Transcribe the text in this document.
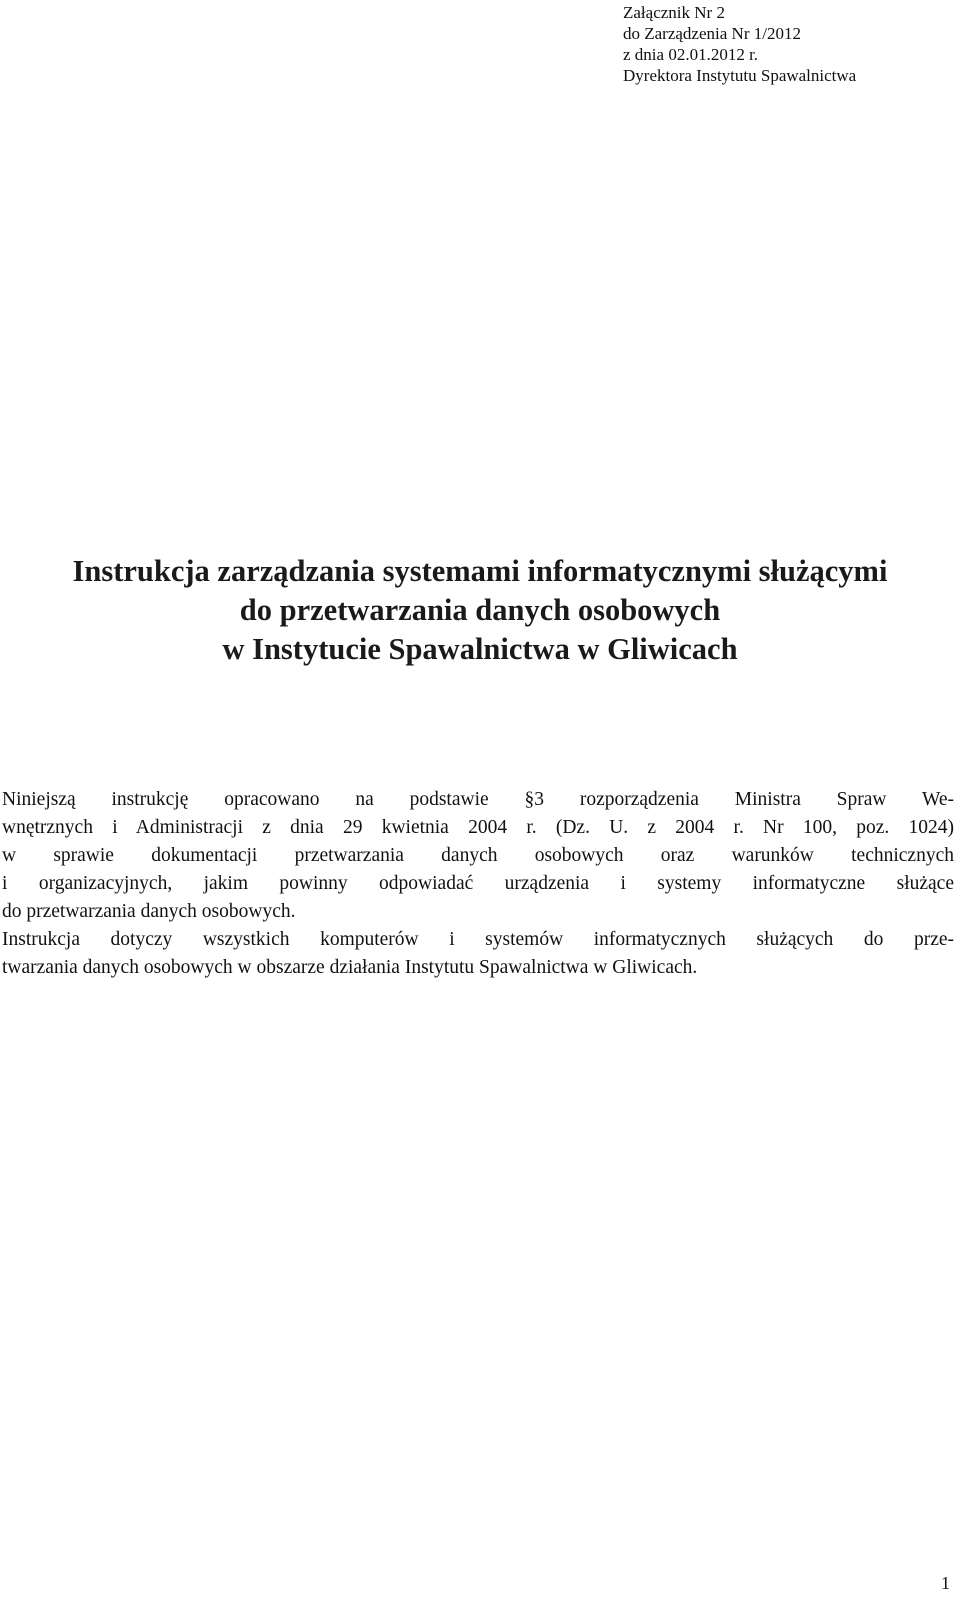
Załącznik Nr 2
do Zarządzenia Nr 1/2012
z dnia 02.01.2012 r.
Dyrektora Instytutu Spawalnictwa
Instrukcja zarządzania systemami informatycznymi służącymi
do przetwarzania danych osobowych
w Instytucie Spawalnictwa w Gliwicach
Niniejszą instrukcję opracowano na podstawie §3 rozporządzenia Ministra Spraw We-
wnętrznych i Administracji z dnia 29 kwietnia 2004 r. (Dz. U. z 2004 r. Nr 100, poz. 1024)
w sprawie dokumentacji przetwarzania danych osobowych oraz warunków technicznych
i organizacyjnych, jakim powinny odpowiadać urządzenia i systemy informatyczne służące
do przetwarzania danych osobowych.
Instrukcja dotyczy wszystkich komputerów i systemów informatycznych służących do prze-
twarzania danych osobowych w obszarze działania Instytutu Spawalnictwa w Gliwicach.
1
